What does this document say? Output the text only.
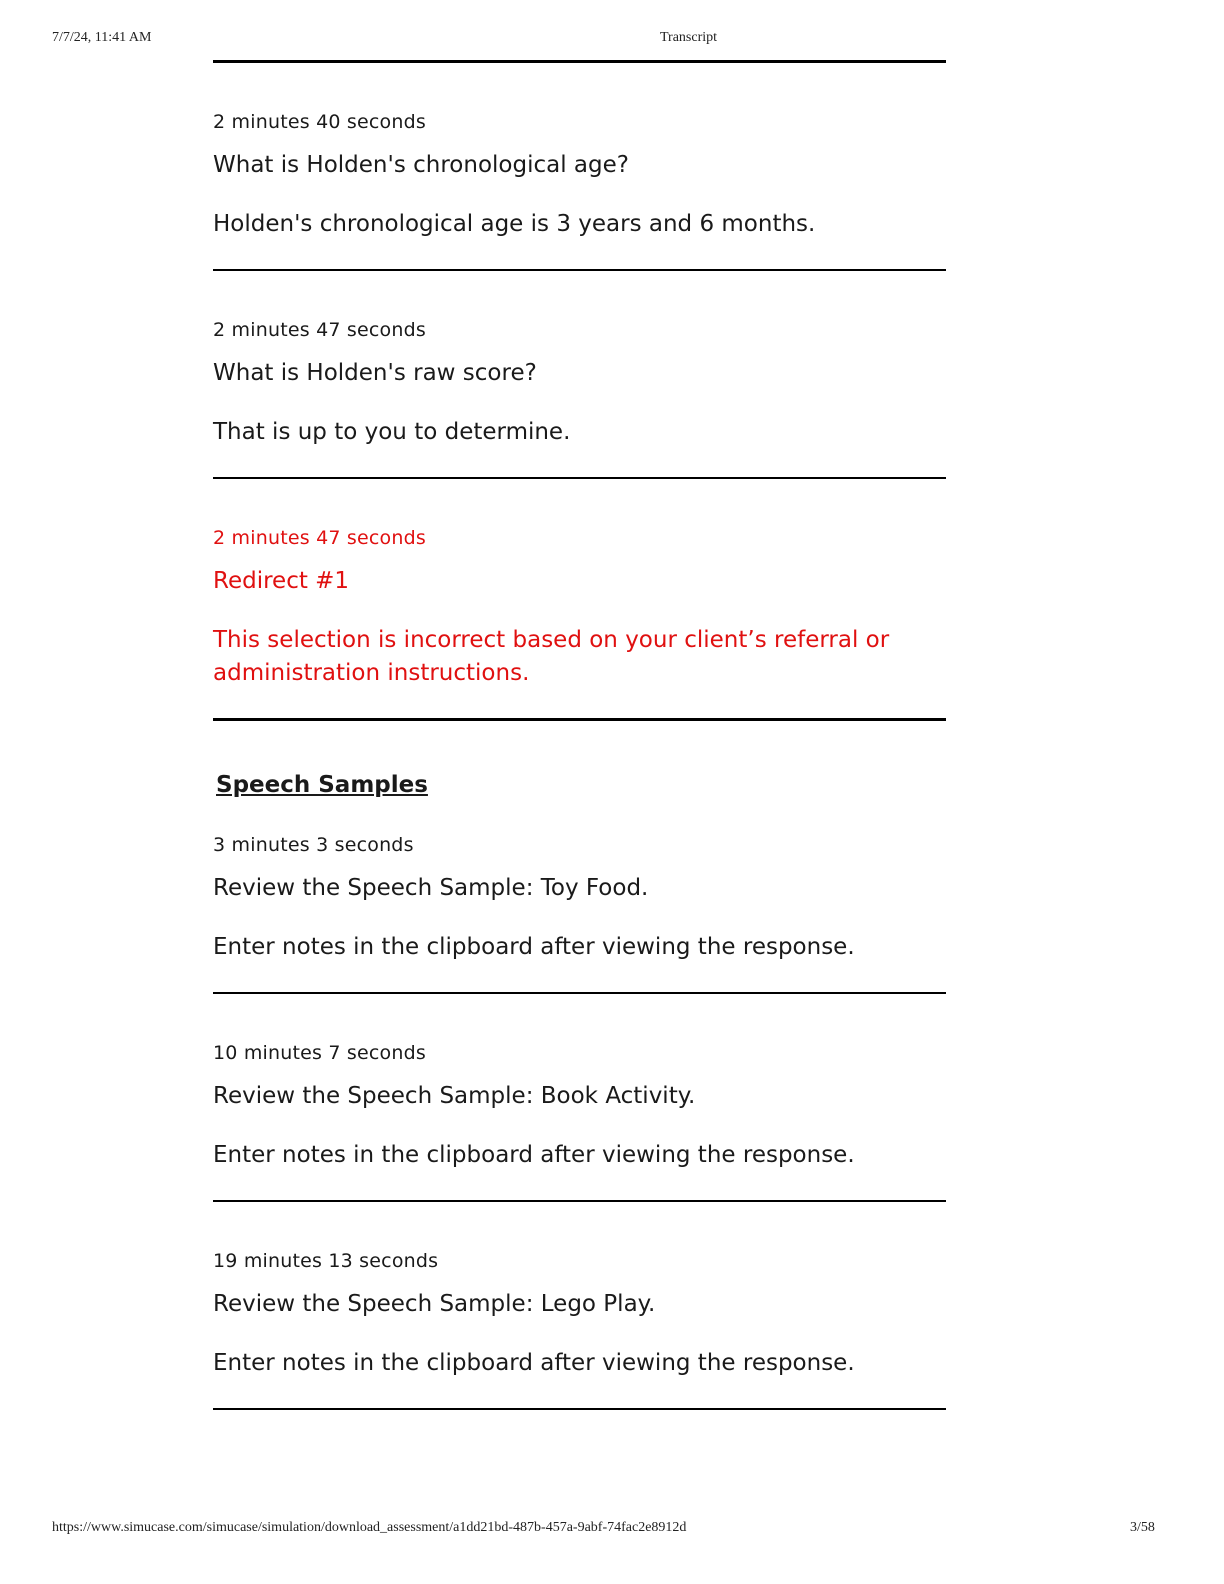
7/7/24, 11:41 AM	Transcript

2 minutes 40 seconds

What is Holden's chronological age?
Holden's chronological age is 3 years and 6 months.

2 minutes 47 seconds

What is Holden's raw score?
That is up to you to determine.

2 minutes 47 seconds

Redirect #1
This selection is incorrect based on your client’s referral or administration instructions.
Speech Samples

3 minutes 3 seconds

Review the Speech Sample: Toy Food.
Enter notes in the clipboard after viewing the response.

10 minutes 7 seconds

Review the Speech Sample: Book Activity.
Enter notes in the clipboard after viewing the response.

19 minutes 13 seconds

Review the Speech Sample: Lego Play.
Enter notes in the clipboard after viewing the response.
https://www.simucase.com/simucase/simulation/download_assessment/a1dd21bd-487b-457a-9abf-74fac2e8912d	3/58
